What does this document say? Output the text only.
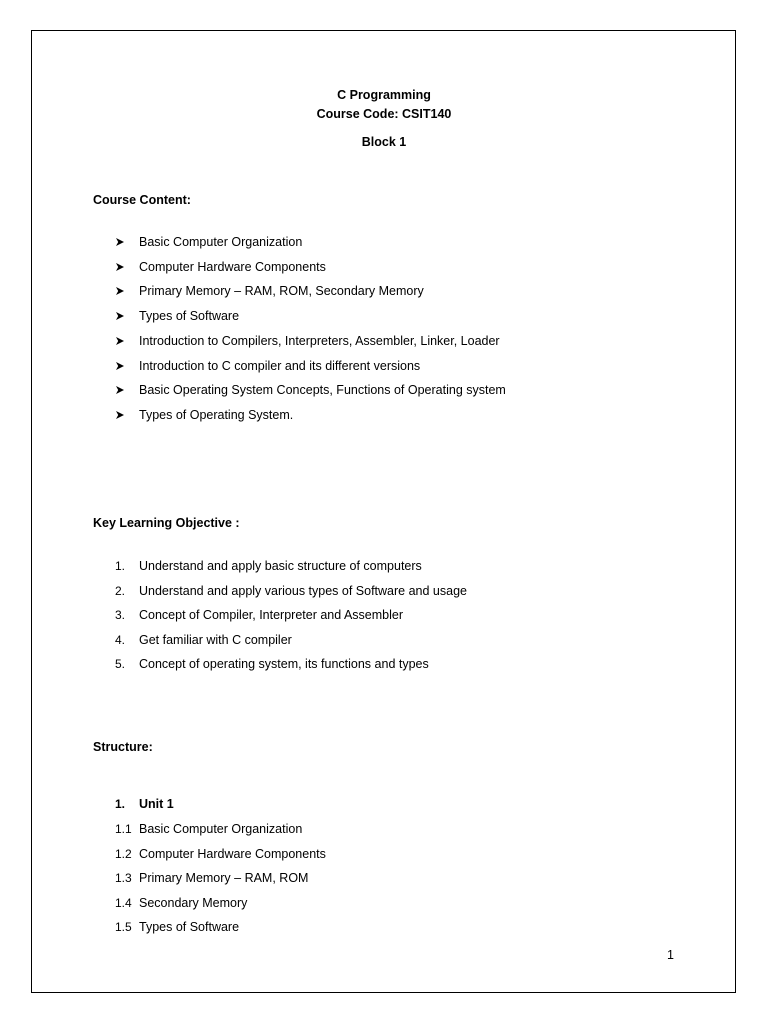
C Programming
Course Code: CSIT140
Block 1
Course Content:
Basic Computer Organization
Computer Hardware Components
Primary Memory – RAM, ROM, Secondary Memory
Types of Software
Introduction to Compilers, Interpreters, Assembler, Linker, Loader
Introduction to C compiler and its different versions
Basic Operating System Concepts, Functions of Operating system
Types of Operating System.
Key Learning Objective :
1.	Understand and apply basic structure of computers
2.	Understand and apply various types of Software and usage
3.	Concept of Compiler, Interpreter and Assembler
4.	Get familiar with C compiler
5.	Concept of operating system, its functions and types
Structure:
1.	Unit 1
1.1 Basic Computer Organization
1.2 Computer Hardware Components
1.3 Primary Memory – RAM, ROM
1.4 Secondary Memory
1.5 Types of Software
1
